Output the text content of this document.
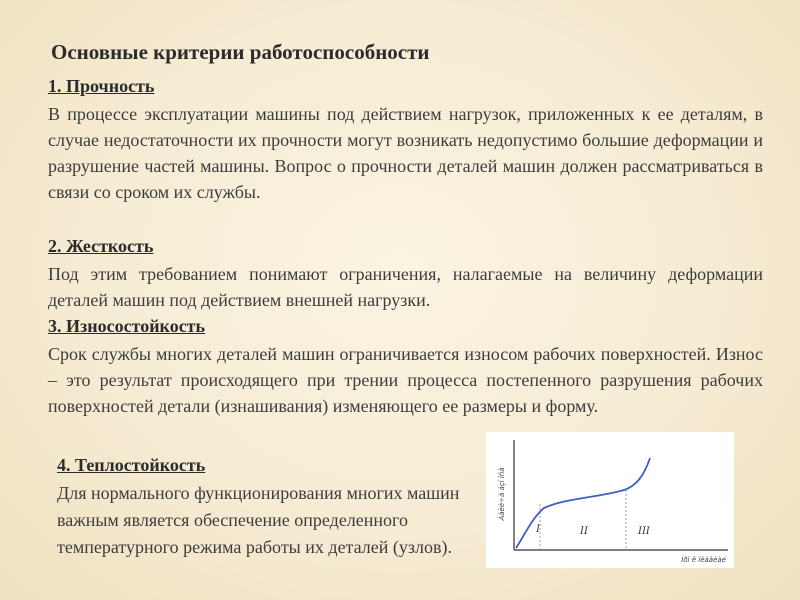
Основные критерии работоспособности
1. Прочность
В процессе эксплуатации машины под действием нагрузок, приложенных к ее деталям, в случае недостаточности их прочности могут возникать недопустимо большие деформации и разрушение частей машины. Вопрос о прочности деталей машин должен рассматриваться в связи со сроком их службы.
2. Жесткость
Под этим требованием понимают ограничения, налагаемые на величину деформации деталей машин под действием внешней нагрузки.
3. Износостойкость
Срок службы многих деталей машин ограничивается износом рабочих поверхностей. Износ – это результат происходящего при трении процесса постепенного разрушения рабочих поверхностей детали (изнашивания) изменяющего ее размеры и форму.
4. Теплостойкость
Для нормального функционирования многих машин важным является обеспечение определенного температурного режима работы их деталей (узлов).
I	II	III
Ààëè÷à áçí îñà
Ìðì ê ïëàâèàé
